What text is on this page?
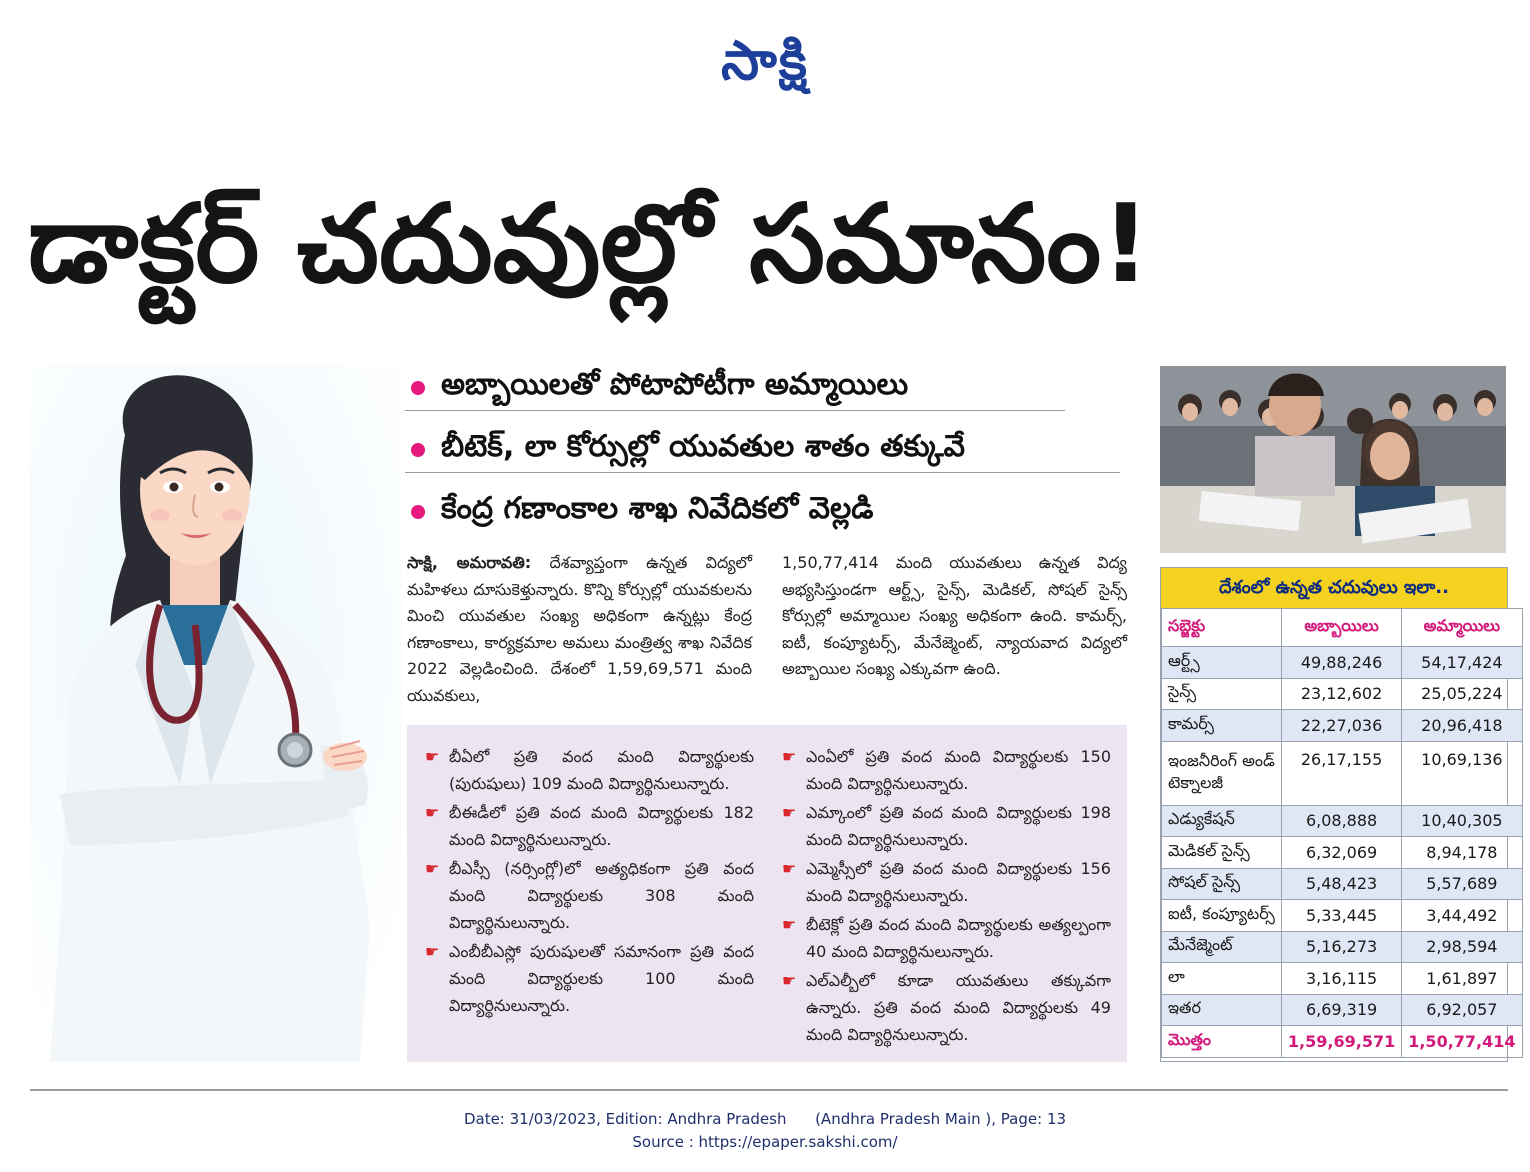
సాక్షి
డాక్టర్ చదువుల్లో సమానం!
అబ్బాయిలతో పోటాపోటీగా అమ్మాయిలు
బీటెక్, లా కోర్సుల్లో యువతుల శాతం తక్కువే
కేంద్ర గణాంకాల శాఖ నివేదికలో వెల్లడి
సాక్షి, అమరావతి: దేశవ్యాప్తంగా ఉన్నత విద్యలో మహిళలు దూసుకెళ్తున్నారు. కొన్ని కోర్సుల్లో యువకులను మించి యువతుల సంఖ్య అధికంగా ఉన్నట్లు కేంద్ర గణాంకాలు, కార్యక్రమాల అమలు మంత్రిత్వ శాఖ నివేదిక 2022 వెల్లడించింది. దేశంలో 1,59,69,571 మంది యువకులు,
1,50,77,414 మంది యువతులు ఉన్నత విద్య అభ్యసిస్తుండగా ఆర్ట్స్, సైన్స్, మెడికల్, సోషల్ సైన్స్ కోర్సుల్లో అమ్మాయిల సంఖ్య అధికంగా ఉంది. కామర్స్, ఐటీ, కంప్యూటర్స్, మేనేజ్మెంట్, న్యాయవాద విద్యలో అబ్బాయిల సంఖ్య ఎక్కువగా ఉంది.
☛ బీఏలో ప్రతి వంద మంది విద్యార్థులకు (పురుషులు) 109 మంది విద్యార్థినులున్నారు.
☛ బీఈడీలో ప్రతి వంద మంది విద్యార్థులకు 182 మంది విద్యార్థినులున్నారు.
☛ బీఎస్సీ (నర్సింగ్లో)లో అత్యధికంగా ప్రతి వంద మంది విద్యార్థులకు 308 మంది విద్యార్థినులున్నారు.
☛ ఎంబీబీఎస్లో పురుషులతో సమానంగా ప్రతి వంద మంది విద్యార్థులకు 100 మంది విద్యార్థినులున్నారు.
☛ ఎంఏలో ప్రతి వంద మంది విద్యార్థులకు 150 మంది విద్యార్థినులున్నారు.
☛ ఎమ్కాంలో ప్రతి వంద మంది విద్యార్థులకు 198 మంది విద్యార్థినులున్నారు.
☛ ఎమ్మెస్సీలో ప్రతి వంద మంది విద్యార్థులకు 156 మంది విద్యార్థినులున్నారు.
☛ బీటెక్లో ప్రతి వంద మంది విద్యార్థులకు అత్యల్పంగా 40 మంది విద్యార్థినులున్నారు.
☛ ఎల్ఎల్బీలో కూడా యువతులు తక్కువగా ఉన్నారు. ప్రతి వంద మంది విద్యార్థులకు 49 మంది విద్యార్థినులున్నారు.
దేశంలో ఉన్నత చదువులు ఇలా..
సబ్జెక్టు	అబ్బాయిలు	అమ్మాయిలు
ఆర్ట్స్	49,88,246	54,17,424
సైన్స్	23,12,602	25,05,224
కామర్స్	22,27,036	20,96,418
ఇంజనీరింగ్ అండ్ టెక్నాలజీ	26,17,155	10,69,136
ఎడ్యుకేషన్	6,08,888	10,40,305
మెడికల్ సైన్స్	6,32,069	8,94,178
సోషల్ సైన్స్	5,48,423	5,57,689
ఐటీ, కంప్యూటర్స్	5,33,445	3,44,492
మేనేజ్మెంట్	5,16,273	2,98,594
లా	3,16,115	1,61,897
ఇతర	6,69,319	6,92,057
మొత్తం	1,59,69,571	1,50,77,414
Date: 31/03/2023, Edition: Andhra Pradesh      (Andhra Pradesh Main ), Page: 13
Source : https://epaper.sakshi.com/
